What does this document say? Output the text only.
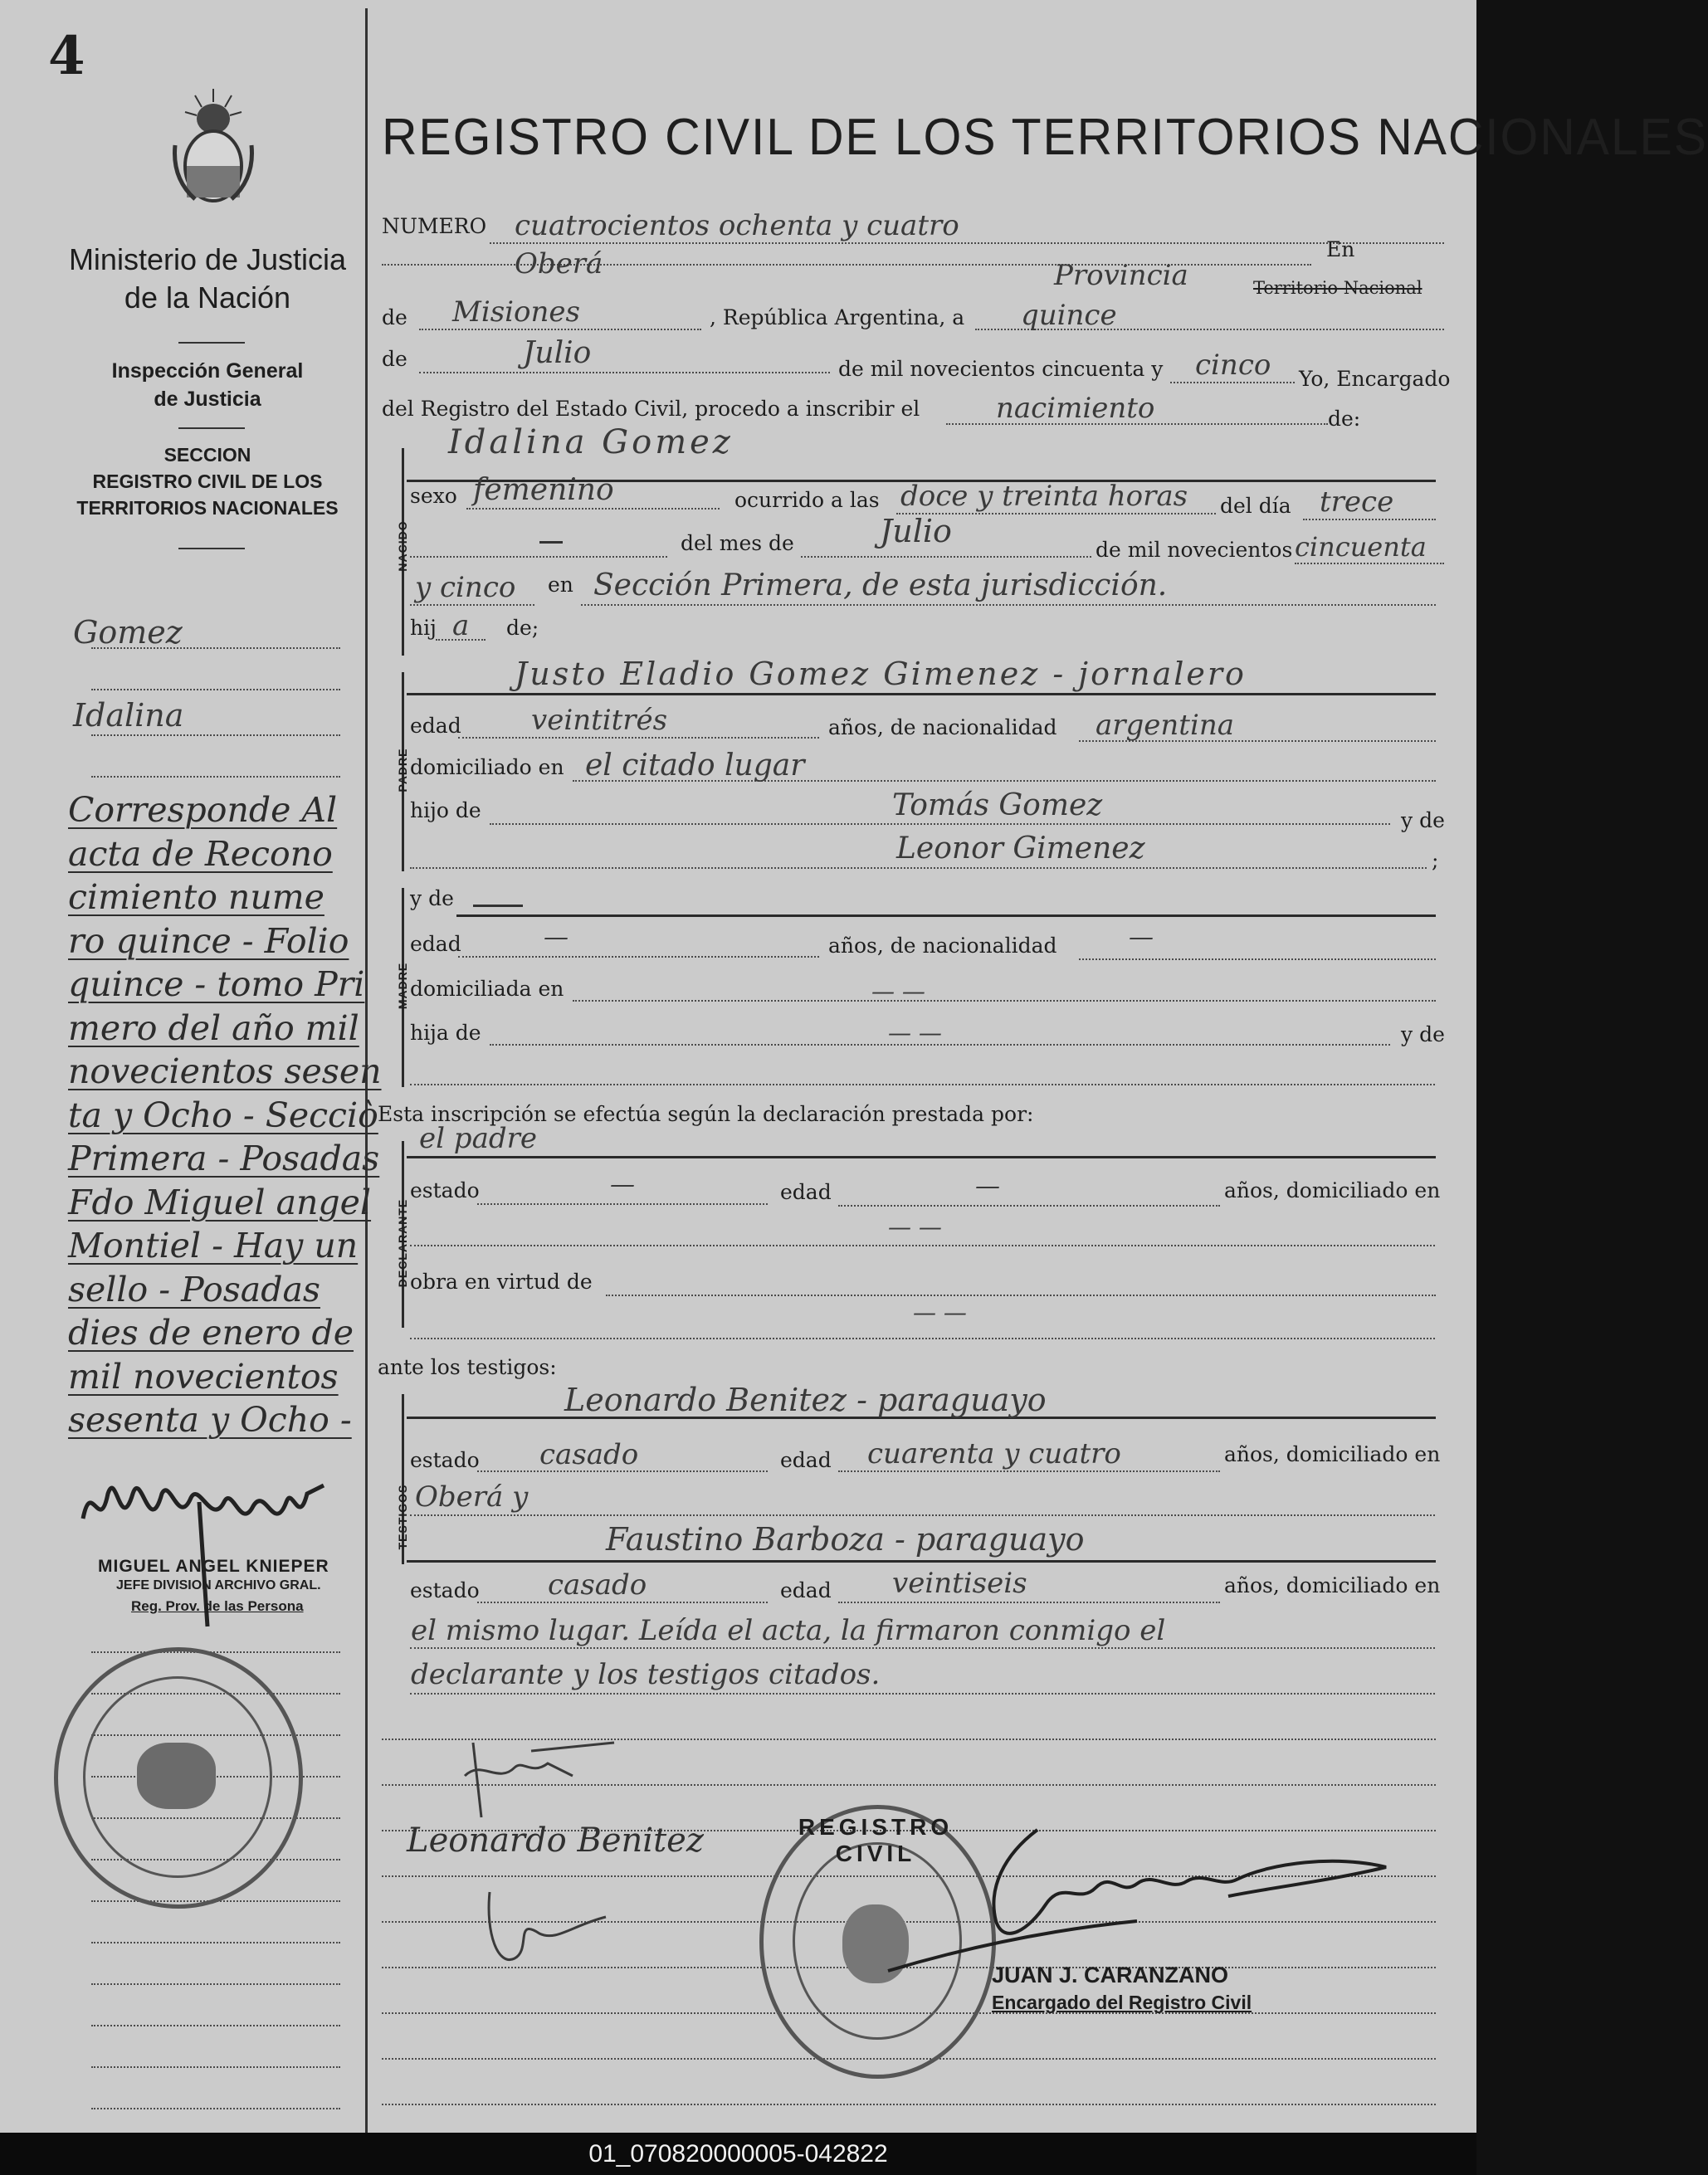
4
Ministerio de Justicia
de la Nación
Inspección General
de Justicia
SECCION
REGISTRO CIVIL DE LOS
TERRITORIOS NACIONALES
Gomez
Idalina
Corresponde Al
acta de Recono
cimiento nume
ro quince - Folio
quince - tomo Pri
mero del año mil
novecientos sesen
ta y Ocho - Secciò
Primera - Posadas
Fdo Miguel angel
Montiel - Hay un
sello - Posadas
dies de enero de
mil novecientos
sesenta y Ocho -
MIGUEL ANGEL KNIEPER
JEFE DIVISION ARCHIVO GRAL.
Reg. Prov. de las Persona
REGISTRO CIVIL DE LOS TERRITORIOS NACIONALES
NUMERO cuatrocientos ochenta y cuatro
Oberá	Provincia
En
Territorio Nacional
de Misiones	, República Argentina, a quince
de	Julio	de mil novecientos cincuenta y cinco Yo, Encargado
del Registro del Estado Civil, procedo a inscribir el	nacimiento	de:
NACIDO
Idalina Gomez
sexo femenino	ocurrido a las doce y treinta horas del día trece
del mes de	Julio
de mil novecientos cincuenta
y cinco en Sección Primera, de esta jurisdicción.
hij a de;
PADRE
Justo Eladio Gomez Gimenez - jornalero
edad veintitrés	años, de nacionalidad argentina
domiciliado en el citado lugar
hijo de	Tomás Gomez	y de
Leonor Gimenez	;
MADRE
y de
edad	—	años, de nacionalidad	—
domiciliada en	— —
hija de	— —	y de
Esta inscripción se efectúa según la declaración prestada por:
DECLARANTE
el padre
estado	—	edad	—	años, domiciliado en
— —
obra en virtud de
— —
ante los testigos:
TESTIGOS
Leonardo Benitez - paraguayo
estado casado	edad cuarenta y cuatro	años, domiciliado en
Oberá y
Faustino Barboza - paraguayo
estado casado	edad veintiseis	años, domiciliado en
el mismo lugar. Leída el acta, la firmaron conmigo el
declarante y los testigos citados.
Leonardo Benitez	REGISTRO CIVIL
JUAN J. CARANZANO
Encargado del Registro Civil
01_070820000005-042822
